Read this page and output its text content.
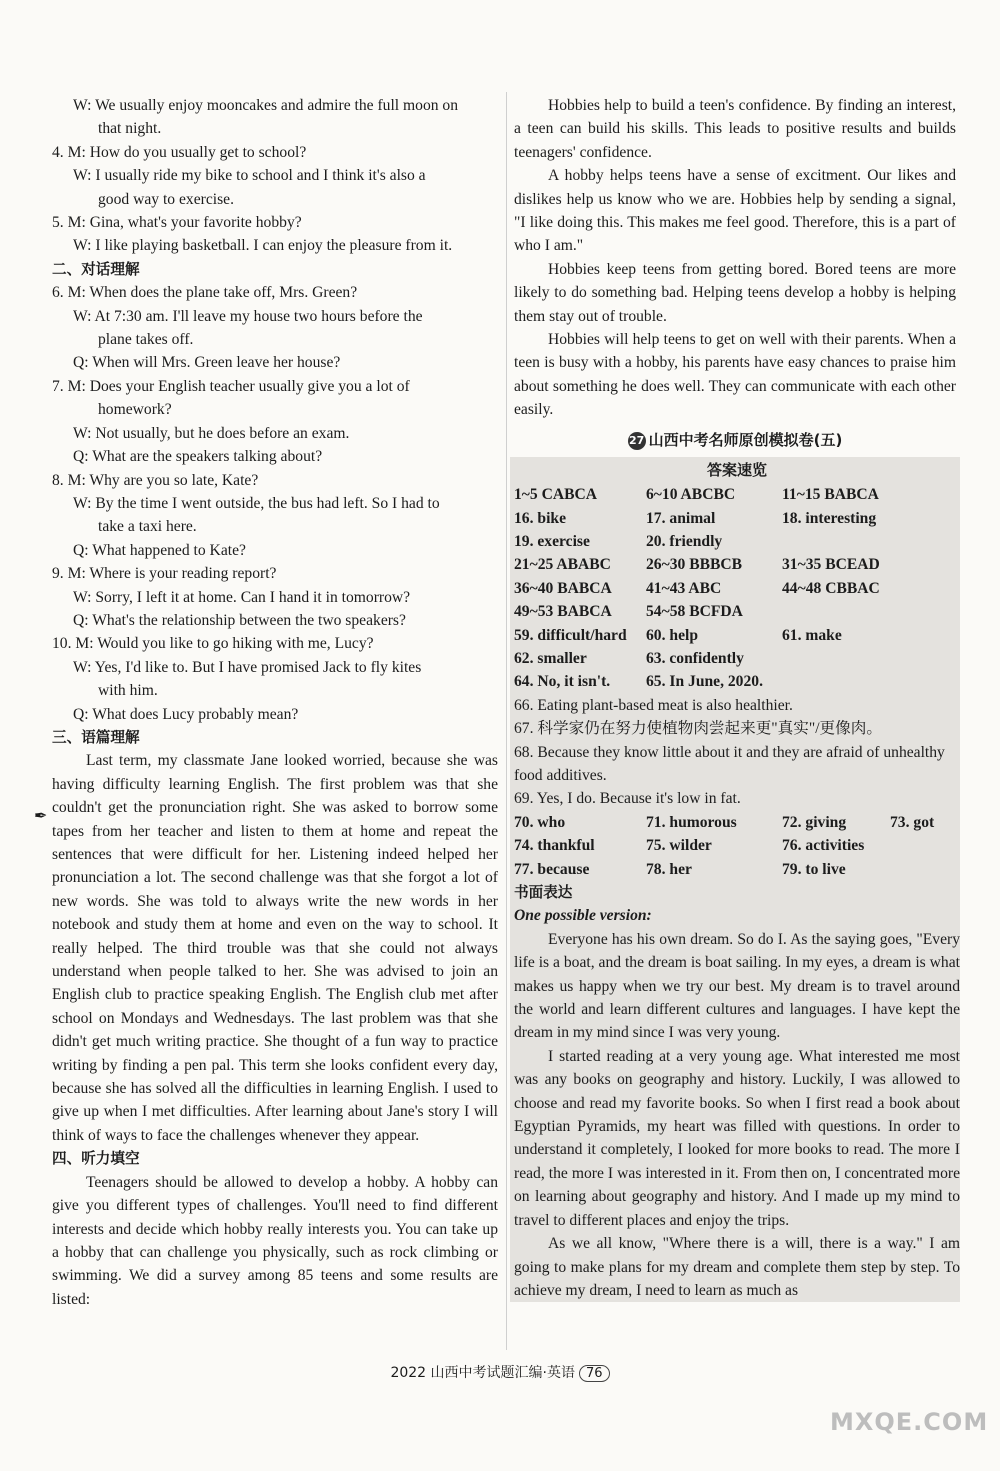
✒
W: We usually enjoy mooncakes and admire the full moon on
that night.
4. M: How do you usually get to school?
W: I usually ride my bike to school and I think it's also a
good way to exercise.
5. M: Gina, what's your favorite hobby?
W: I like playing basketball. I can enjoy the pleasure from it.
二、对话理解
6. M: When does the plane take off, Mrs. Green?
W: At 7:30 am. I'll leave my house two hours before the
plane takes off.
Q: When will Mrs. Green leave her house?
7. M: Does your English teacher usually give you a lot of
homework?
W: Not usually, but he does before an exam.
Q: What are the speakers talking about?
8. M: Why are you so late, Kate?
W: By the time I went outside, the bus had left. So I had to
take a taxi here.
Q: What happened to Kate?
9. M: Where is your reading report?
W: Sorry, I left it at home. Can I hand it in tomorrow?
Q: What's the relationship between the two speakers?
10. M: Would you like to go hiking with me, Lucy?
W: Yes, I'd like to. But I have promised Jack to fly kites
with him.
Q: What does Lucy probably mean?
三、语篇理解

Last term, my classmate Jane looked worried, because she was having difficulty learning English. The first problem was that she couldn't get the pronunciation right. She was asked to borrow some tapes from her teacher and listen to them at home and repeat the sentences that were difficult for her. Listening indeed helped her pronunciation a lot. The second challenge was that she forgot a lot of new words. She was told to always write the new words in her notebook and study them at home and even on the way to school. It really helped. The third trouble was that she could not always understand when people talked to her. She was advised to join an English club to practice speaking English. The English club met after school on Mondays and Wednesdays. The last problem was that she didn't get much writing practice. She thought of a fun way to practice writing by finding a pen pal. This term she looks confident every day, because she has solved all the difficulties in learning English. I used to give up when I met difficulties. After learning about Jane's story I will think of ways to face the challenges whenever they appear.

四、听力填空

Teenagers should be allowed to develop a hobby. A hobby can give you different types of challenges. You'll need to find different interests and decide which hobby really interests you. You can take up a hobby that can challenge you physically, such as rock climbing or swimming. We did a survey among 85 teens and some results are listed:

Hobbies help to build a teen's confidence. By finding an interest, a teen can build his skills. This leads to positive results and builds teenagers' confidence.

A hobby helps teens have a sense of excitment. Our likes and dislikes help us know who we are. Hobbies help by sending a signal, "I like doing this. This makes me feel good. Therefore, this is a part of who I am."

Hobbies keep teens from getting bored. Bored teens are more likely to do something bad. Helping teens develop a hobby is helping them stay out of trouble.

Hobbies will help teens to get on well with their parents. When a teen is busy with a hobby, his parents have easy chances to praise him about something he does well. They can communicate with each other easily.

27 山西中考名师原创模拟卷(五)
答案速览
1~5 CABCA	6~10 ABCBC	11~15 BABCA
16. bike	17. animal	18. interesting
19. exercise	20. friendly
21~25 ABABC	26~30 BBBCB	31~35 BCEAD
36~40 BABCA	41~43 ABC	44~48 CBBAC
49~53 BABCA	54~58 BCFDA
59. difficult/hard	60. help	61. make
62. smaller	63. confidently
64. No, it isn't.	65. In June, 2020.
66. Eating plant-based meat is also healthier.
67. 科学家仍在努力使植物肉尝起来更"真实"/更像肉。
68. Because they know little about it and they are afraid of unhealthy food additives.
69. Yes, I do. Because it's low in fat.
70. who	71. humorous	72. giving	73. got
74. thankful	75. wilder	76. activities
77. because	78. her	79. to live
书面表达
One possible version:

Everyone has his own dream. So do I. As the saying goes, "Every life is a boat, and the dream is boat sailing. In my eyes, a dream is what makes us happy when we try our best. My dream is to travel around the world and learn different cultures and languages. I have kept the dream in my mind since I was very young.

I started reading at a very young age. What interested me most was any books on geography and history. Luckily, I was allowed to choose and read my favorite books. So when I first read a book about Egyptian Pyramids, my heart was filled with questions. In order to understand it completely, I looked for more books to read. The more I read, the more I was interested in it. From then on, I concentrated more on learning about geography and history. And I made up my mind to travel to different places and enjoy the trips.

As we all know, "Where there is a will, there is a way." I am going to make plans for my dream and complete them step by step. To achieve my dream, I need to learn as much as

2022 山西中考试题汇编·英语 76
MXQE.COM
